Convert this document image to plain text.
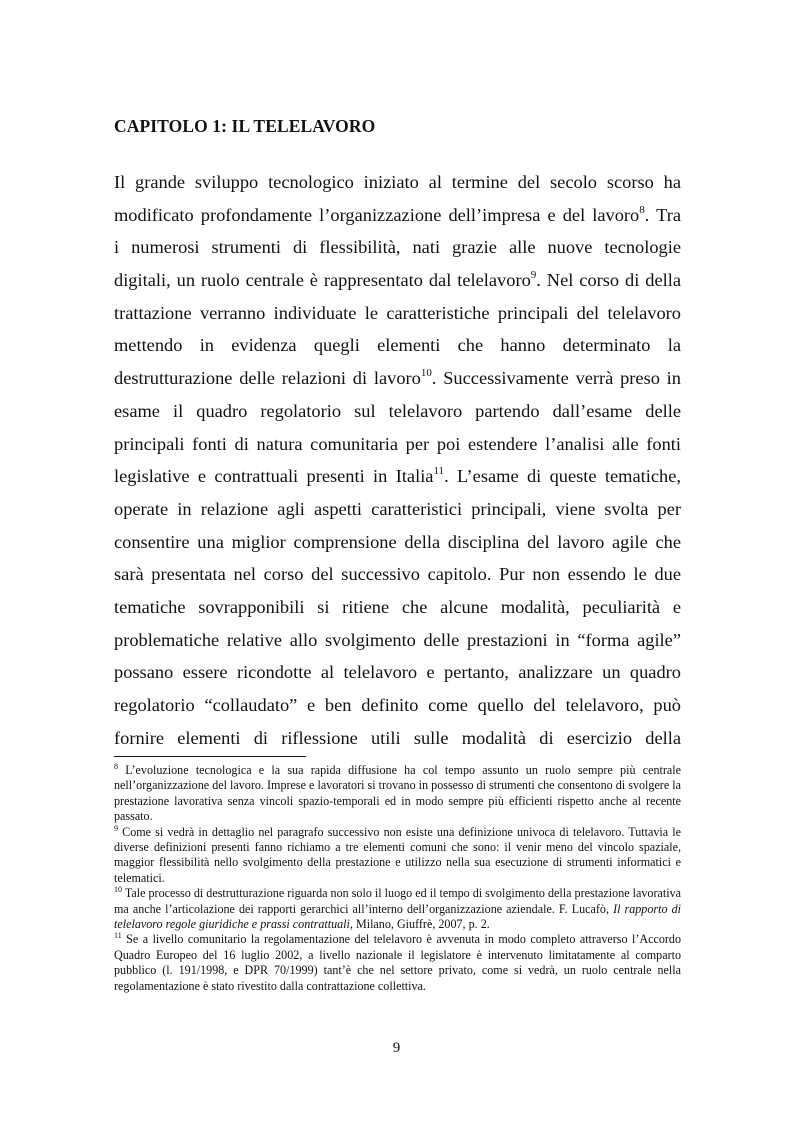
CAPITOLO 1: IL TELELAVORO
Il grande sviluppo tecnologico iniziato al termine del secolo scorso ha
modificato profondamente l’organizzazione dell’impresa e del lavoro$^8$. Tra
i numerosi strumenti di flessibilità, nati grazie alle nuove tecnologie
digitali, un ruolo centrale è rappresentato dal telelavoro$^9$. Nel corso di della
trattazione verranno individuate le caratteristiche principali del telelavoro
mettendo in evidenza quegli elementi che hanno determinato la
destrutturazione delle relazioni di lavoro$^{10}$. Successivamente verrà preso in
esame il quadro regolatorio sul telelavoro partendo dall’esame delle
principali fonti di natura comunitaria per poi estendere l’analisi alle fonti
legislative e contrattuali presenti in Italia$^{11}$. L’esame di queste tematiche,
operate in relazione agli aspetti caratteristici principali, viene svolta per
consentire una miglior comprensione della disciplina del lavoro agile che
sarà presentata nel corso del successivo capitolo. Pur non essendo le due
tematiche sovrapponibili si ritiene che alcune modalità, peculiarità e
problematiche relative allo svolgimento delle prestazioni in “forma agile”
possano essere ricondotte al telelavoro e pertanto, analizzare un quadro
regolatorio “collaudato” e ben definito come quello del telelavoro, può
fornire elementi di riflessione utili sulle modalità di esercizio della

$^8$ L’evoluzione tecnologica e la sua rapida diffusione ha col tempo assunto un ruolo sempre più centrale nell’organizzazione del lavoro. Imprese e lavoratori si trovano in possesso di strumenti che consentono di svolgere la prestazione lavorativa senza vincoli spazio-temporali ed in modo sempre più efficienti rispetto anche al recente passato.

$^9$ Come si vedrà in dettaglio nel paragrafo successivo non esiste una definizione univoca di telelavoro. Tuttavia le diverse definizioni presenti fanno richiamo a tre elementi comuni che sono: il venir meno del vincolo spaziale, maggior flessibilità nello svolgimento della prestazione e utilizzo nella sua esecuzione di strumenti informatici e telematici.

$^{10}$ Tale processo di destrutturazione riguarda non solo il luogo ed il tempo di svolgimento della prestazione lavorativa ma anche l’articolazione dei rapporti gerarchici all’interno dell’organizzazione aziendale. F. Lucafò, Il rapporto di telelavoro regole giuridiche e prassi contrattuali, Milano, Giuffrè, 2007, p. 2.

$^{11}$ Se a livello comunitario la regolamentazione del telelavoro è avvenuta in modo completo attraverso l’Accordo Quadro Europeo del 16 luglio 2002, a livello nazionale il legislatore è intervenuto limitatamente al comparto pubblico (l. 191/1998, e DPR 70/1999) tant’è che nel settore privato, come si vedrà, un ruolo centrale nella regolamentazione è stato rivestito dalla contrattazione collettiva.

9
